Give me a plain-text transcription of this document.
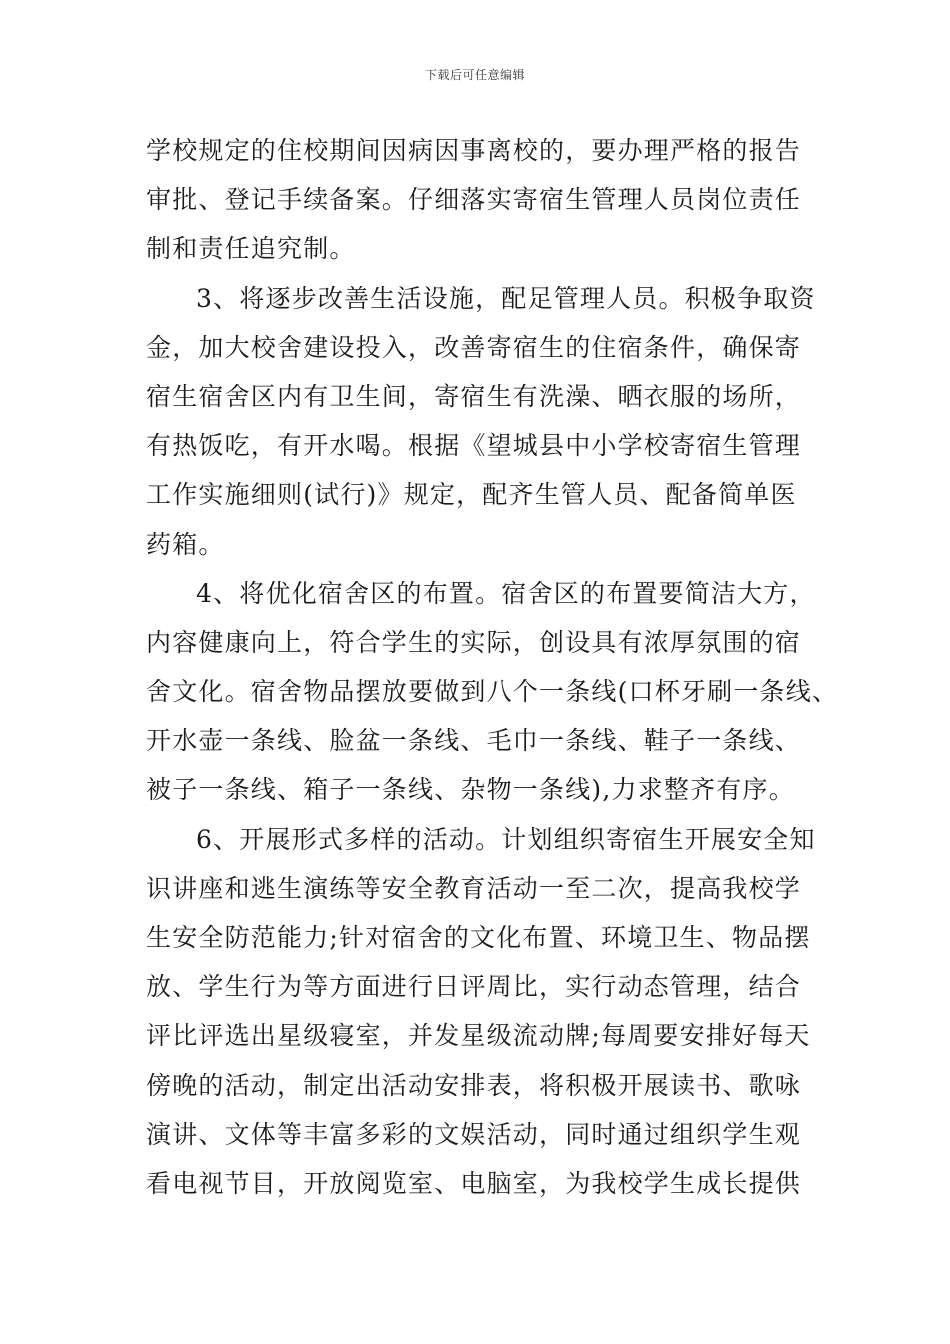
下载后可任意编辑
学校规定的住校期间因病因事离校的，要办理严格的报告
审批、登记手续备案。仔细落实寄宿生管理人员岗位责任
制和责任追究制。
3、将逐步改善生活设施，配足管理人员。积极争取资
金，加大校舍建设投入，改善寄宿生的住宿条件，确保寄
宿生宿舍区内有卫生间，寄宿生有洗澡、晒衣服的场所，
有热饭吃，有开水喝。根据《望城县中小学校寄宿生管理
工作实施细则(试行)》规定，配齐生管人员、配备简单医
药箱。
4、将优化宿舍区的布置。宿舍区的布置要简洁大方，
内容健康向上，符合学生的实际，创设具有浓厚氛围的宿
舍文化。宿舍物品摆放要做到八个一条线(口杯牙刷一条线、
开水壶一条线、脸盆一条线、毛巾一条线、鞋子一条线、
被子一条线、箱子一条线、杂物一条线),力求整齐有序。
6、开展形式多样的活动。计划组织寄宿生开展安全知
识讲座和逃生演练等安全教育活动一至二次，提高我校学
生安全防范能力;针对宿舍的文化布置、环境卫生、物品摆
放、学生行为等方面进行日评周比，实行动态管理，结合
评比评选出星级寝室，并发星级流动牌;每周要安排好每天
傍晚的活动，制定出活动安排表，将积极开展读书、歌咏
演讲、文体等丰富多彩的文娱活动，同时通过组织学生观
看电视节目，开放阅览室、电脑室，为我校学生成长提供
